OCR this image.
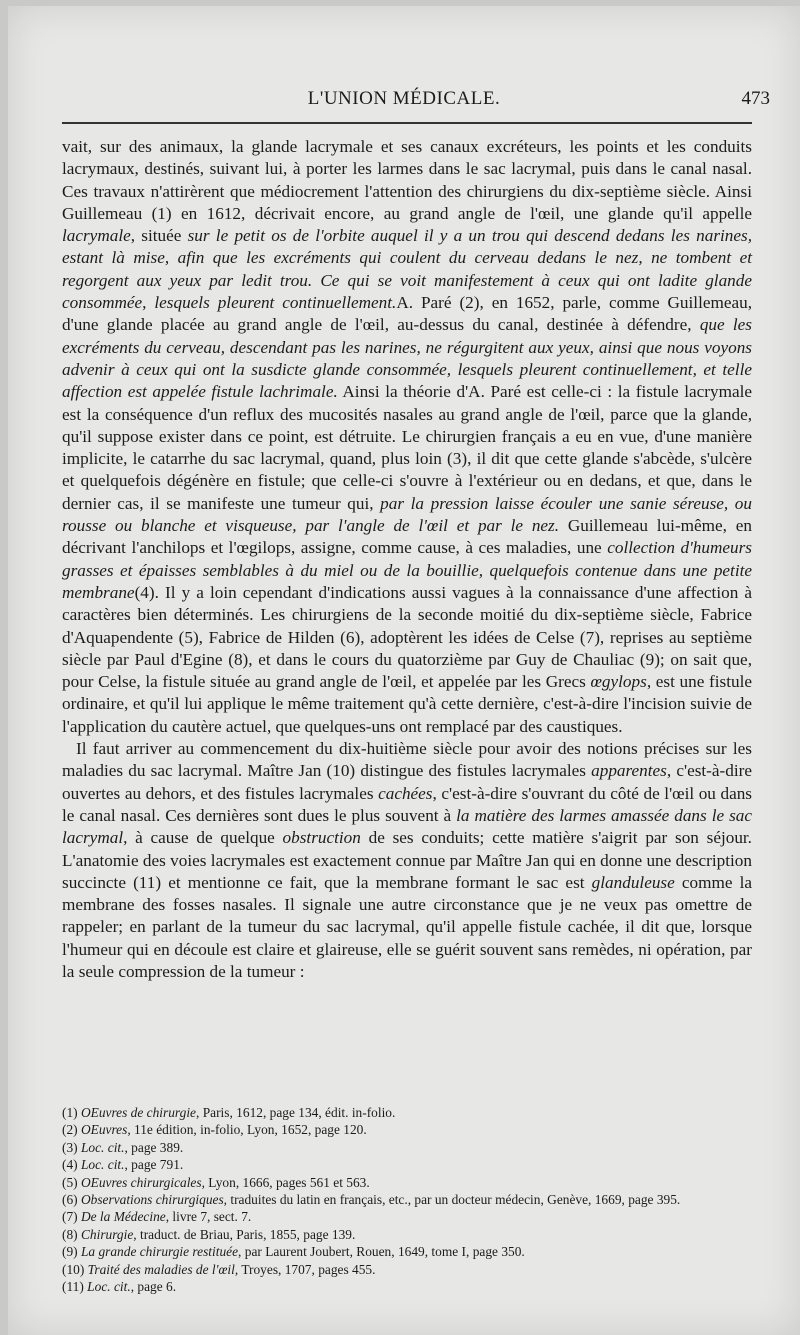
L'UNION MÉDICALE.	473

vait, sur des animaux, la glande lacrymale et ses canaux excréteurs, les points et les conduits lacrymaux, destinés, suivant lui, à porter les larmes dans le sac lacrymal, puis dans le canal nasal. Ces travaux n'attirèrent que médiocrement l'attention des chirurgiens du dix-septième siècle. Ainsi Guillemeau (1) en 1612, décrivait encore, au grand angle de l'œil, une glande qu'il appelle lacrymale, située sur le petit os de l'orbite auquel il y a un trou qui descend dedans les narines, estant là mise, afin que les excréments qui coulent du cerveau dedans le nez, ne tombent et regorgent aux yeux par ledit trou. Ce qui se voit manifestement à ceux qui ont ladite glande consommée, lesquels pleurent continuellement.A. Paré (2), en 1652, parle, comme Guillemeau, d'une glande placée au grand angle de l'œil, au-dessus du canal, destinée à défendre, que les excréments du cerveau, descendant pas les narines, ne régurgitent aux yeux, ainsi que nous voyons advenir à ceux qui ont la susdicte glande consommée, lesquels pleurent continuellement, et telle affection est appelée fistule lachrimale. Ainsi la théorie d'A. Paré est celle-ci : la fistule lacrymale est la conséquence d'un reflux des mucosités nasales au grand angle de l'œil, parce que la glande, qu'il suppose exister dans ce point, est détruite. Le chirurgien français a eu en vue, d'une manière implicite, le catarrhe du sac lacrymal, quand, plus loin (3), il dit que cette glande s'abcède, s'ulcère et quelquefois dégénère en fistule; que celle-ci s'ouvre à l'extérieur ou en dedans, et que, dans le dernier cas, il se manifeste une tumeur qui, par la pression laisse écouler une sanie séreuse, ou rousse ou blanche et visqueuse, par l'angle de l'œil et par le nez. Guillemeau lui-même, en décrivant l'anchilops et l'œgilops, assigne, comme cause, à ces maladies, une collection d'humeurs grasses et épaisses semblables à du miel ou de la bouillie, quelquefois contenue dans une petite membrane(4). Il y a loin cependant d'indications aussi vagues à la connaissance d'une affection à caractères bien déterminés. Les chirurgiens de la seconde moitié du dix-septième siècle, Fabrice d'Aquapendente (5), Fabrice de Hilden (6), adoptèrent les idées de Celse (7), reprises au septième siècle par Paul d'Egine (8), et dans le cours du quatorzième par Guy de Chauliac (9); on sait que, pour Celse, la fistule située au grand angle de l'œil, et appelée par les Grecs œgylops, est une fistule ordinaire, et qu'il lui applique le même traitement qu'à cette dernière, c'est-à-dire l'incision suivie de l'application du cautère actuel, que quelques-uns ont remplacé par des caustiques.

Il faut arriver au commencement du dix-huitième siècle pour avoir des notions précises sur les maladies du sac lacrymal. Maître Jan (10) distingue des fistules lacrymales apparentes, c'est-à-dire ouvertes au dehors, et des fistules lacrymales cachées, c'est-à-dire s'ouvrant du côté de l'œil ou dans le canal nasal. Ces dernières sont dues le plus souvent à la matière des larmes amassée dans le sac lacrymal, à cause de quelque obstruction de ses conduits; cette matière s'aigrit par son séjour. L'anatomie des voies lacrymales est exactement connue par Maître Jan qui en donne une description succincte (11) et mentionne ce fait, que la membrane formant le sac est glanduleuse comme la membrane des fosses nasales. Il signale une autre circonstance que je ne veux pas omettre de rappeler; en parlant de la tumeur du sac lacrymal, qu'il appelle fistule cachée, il dit que, lorsque l'humeur qui en découle est claire et glaireuse, elle se guérit souvent sans remèdes, ni opération, par la seule compression de la tumeur :

(1) OEuvres de chirurgie, Paris, 1612, page 134, édit. in-folio.

(2) OEuvres, 11e édition, in-folio, Lyon, 1652, page 120.

(3) Loc. cit., page 389.

(4) Loc. cit., page 791.

(5) OEuvres chirurgicales, Lyon, 1666, pages 561 et 563.

(6) Observations chirurgiques, traduites du latin en français, etc., par un docteur médecin, Genève, 1669, page 395.

(7) De la Médecine, livre 7, sect. 7.

(8) Chirurgie, traduct. de Briau, Paris, 1855, page 139.

(9) La grande chirurgie restituée, par Laurent Joubert, Rouen, 1649, tome I, page 350.

(10) Traité des maladies de l'œil, Troyes, 1707, pages 455.

(11) Loc. cit., page 6.
